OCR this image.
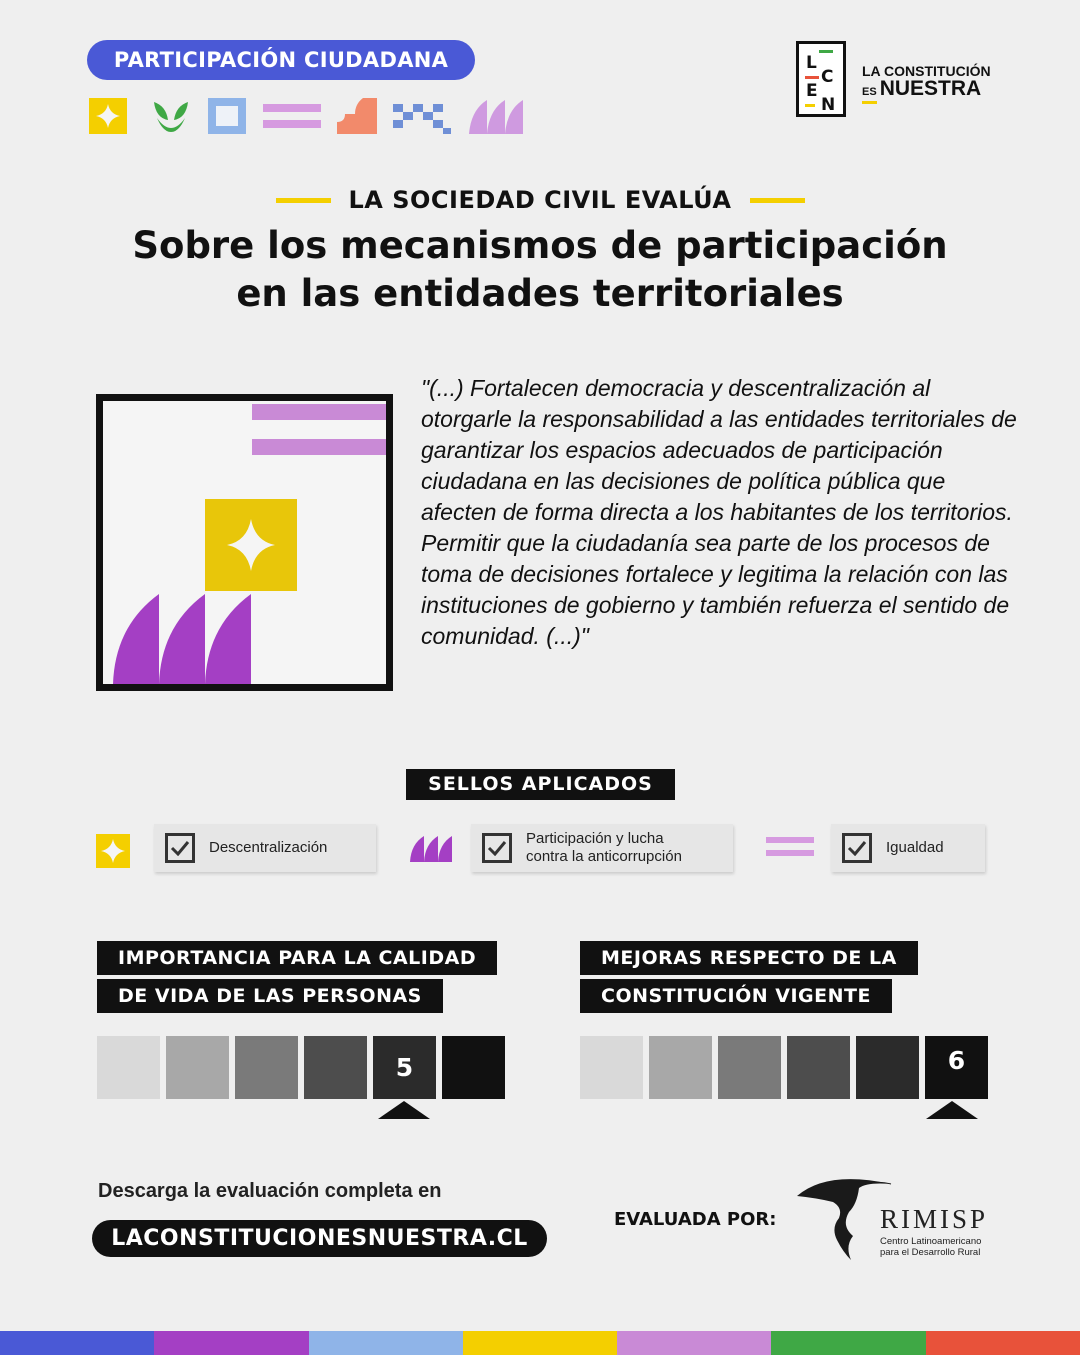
PARTICIPACIÓN CIUDADANA	L
C
E
N
LA CONSTITUCIÓN
ES NUESTRA
LA SOCIEDAD CIVIL EVALÚA
Sobre los mecanismos de participación
en las entidades territoriales
"(...) Fortalecen democracia y descentralización al otorgarle la responsabilidad a las entidades territoriales de garantizar los espacios adecuados de participación ciudadana en las decisiones de política pública que afecten de forma directa a los habitantes de los territorios. Permitir que la ciudadanía sea parte de los procesos de toma de decisiones fortalece y legitima la relación con las instituciones de gobierno y también refuerza el sentido de comunidad. (...)"
SELLOS APLICADOS
Descentralización
Participación y lucha
contra la anticorrupción
Igualdad
IMPORTANCIA PARA LA CALIDAD
DE VIDA DE LAS PERSONAS
MEJORAS RESPECTO DE LA
CONSTITUCIÓN VIGENTE
5	6
Descarga la evaluación completa en
LACONSTITUCIONESNUESTRA.CL
EVALUADA POR:	RIMISP
Centro Latinoamericano
para el Desarrollo Rural
